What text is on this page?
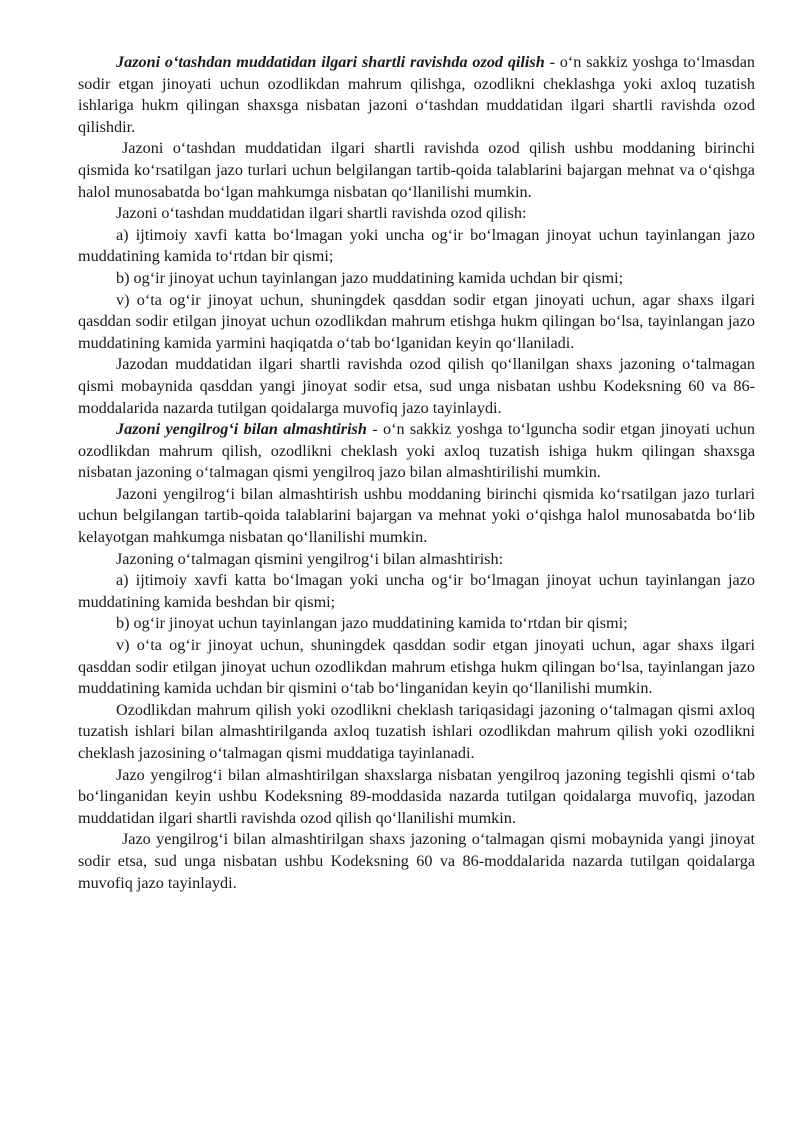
Jazoni o‘tashdan muddatidan ilgari shartli ravishda ozod qilish - o‘n sakkiz yoshga to‘lmasdan sodir etgan jinoyati uchun ozodlikdan mahrum qilishga, ozodlikni cheklashga yoki axloq tuzatish ishlariga hukm qilingan shaxsga nisbatan jazoni o‘tashdan muddatidan ilgari shartli ravishda ozod qilishdir.

Jazoni o‘tashdan muddatidan ilgari shartli ravishda ozod qilish ushbu moddaning birinchi qismida ko‘rsatilgan jazo turlari uchun belgilangan tartib-qoida talablarini bajargan mehnat va o‘qishga halol munosabatda bo‘lgan mahkumga nisbatan qo‘llanilishi mumkin.

Jazoni o‘tashdan muddatidan ilgari shartli ravishda ozod qilish:

a) ijtimoiy xavfi katta bo‘lmagan yoki uncha og‘ir bo‘lmagan jinoyat uchun tayinlangan jazo muddatining kamida to‘rtdan bir qismi;

b) og‘ir jinoyat uchun tayinlangan jazo muddatining kamida uchdan bir qismi;

v) o‘ta og‘ir jinoyat uchun, shuningdek qasddan sodir etgan jinoyati uchun, agar shaxs ilgari qasddan sodir etilgan jinoyat uchun ozodlikdan mahrum etishga hukm qilingan bo‘lsa, tayinlangan jazo muddatining kamida yarmini haqiqatda o‘tab bo‘lganidan keyin qo‘llaniladi.

Jazodan muddatidan ilgari shartli ravishda ozod qilish qo‘llanilgan shaxs jazoning o‘talmagan qismi mobaynida qasddan yangi jinoyat sodir etsa, sud unga nisbatan ushbu Kodeksning 60 va 86-moddalarida nazarda tutilgan qoidalarga muvofiq jazo tayinlaydi.

Jazoni yengilrog‘i bilan almashtirish - o‘n sakkiz yoshga to‘lguncha sodir etgan jinoyati uchun ozodlikdan mahrum qilish, ozodlikni cheklash yoki axloq tuzatish ishiga hukm qilingan shaxsga nisbatan jazoning o‘talmagan qismi yengilroq jazo bilan almashtirilishi mumkin.

Jazoni yengilrog‘i bilan almashtirish ushbu moddaning birinchi qismida ko‘rsatilgan jazo turlari uchun belgilangan tartib-qoida talablarini bajargan va mehnat yoki o‘qishga halol munosabatda bo‘lib kelayotgan mahkumga nisbatan qo‘llanilishi mumkin.

Jazoning o‘talmagan qismini yengilrog‘i bilan almashtirish:

a) ijtimoiy xavfi katta bo‘lmagan yoki uncha og‘ir bo‘lmagan jinoyat uchun tayinlangan jazo muddatining kamida beshdan bir qismi;

b) og‘ir jinoyat uchun tayinlangan jazo muddatining kamida to‘rtdan bir qismi;

v) o‘ta og‘ir jinoyat uchun, shuningdek qasddan sodir etgan jinoyati uchun, agar shaxs ilgari qasddan sodir etilgan jinoyat uchun ozodlikdan mahrum etishga hukm qilingan bo‘lsa, tayinlangan jazo muddatining kamida uchdan bir qismini o‘tab bo‘linganidan keyin qo‘llanilishi mumkin.

Ozodlikdan mahrum qilish yoki ozodlikni cheklash tariqasidagi jazoning o‘talmagan qismi axloq tuzatish ishlari bilan almashtirilganda axloq tuzatish ishlari ozodlikdan mahrum qilish yoki ozodlikni cheklash jazosining o‘talmagan qismi muddatiga tayinlanadi.

Jazo yengilrog‘i bilan almashtirilgan shaxslarga nisbatan yengilroq jazoning tegishli qismi o‘tab bo‘linganidan keyin ushbu Kodeksning 89-moddasida nazarda tutilgan qoidalarga muvofiq, jazodan muddatidan ilgari shartli ravishda ozod qilish qo‘llanilishi mumkin.

Jazo yengilrog‘i bilan almashtirilgan shaxs jazoning o‘talmagan qismi mobaynida yangi jinoyat sodir etsa, sud unga nisbatan ushbu Kodeksning 60 va 86-moddalarida nazarda tutilgan qoidalarga muvofiq jazo tayinlaydi.
